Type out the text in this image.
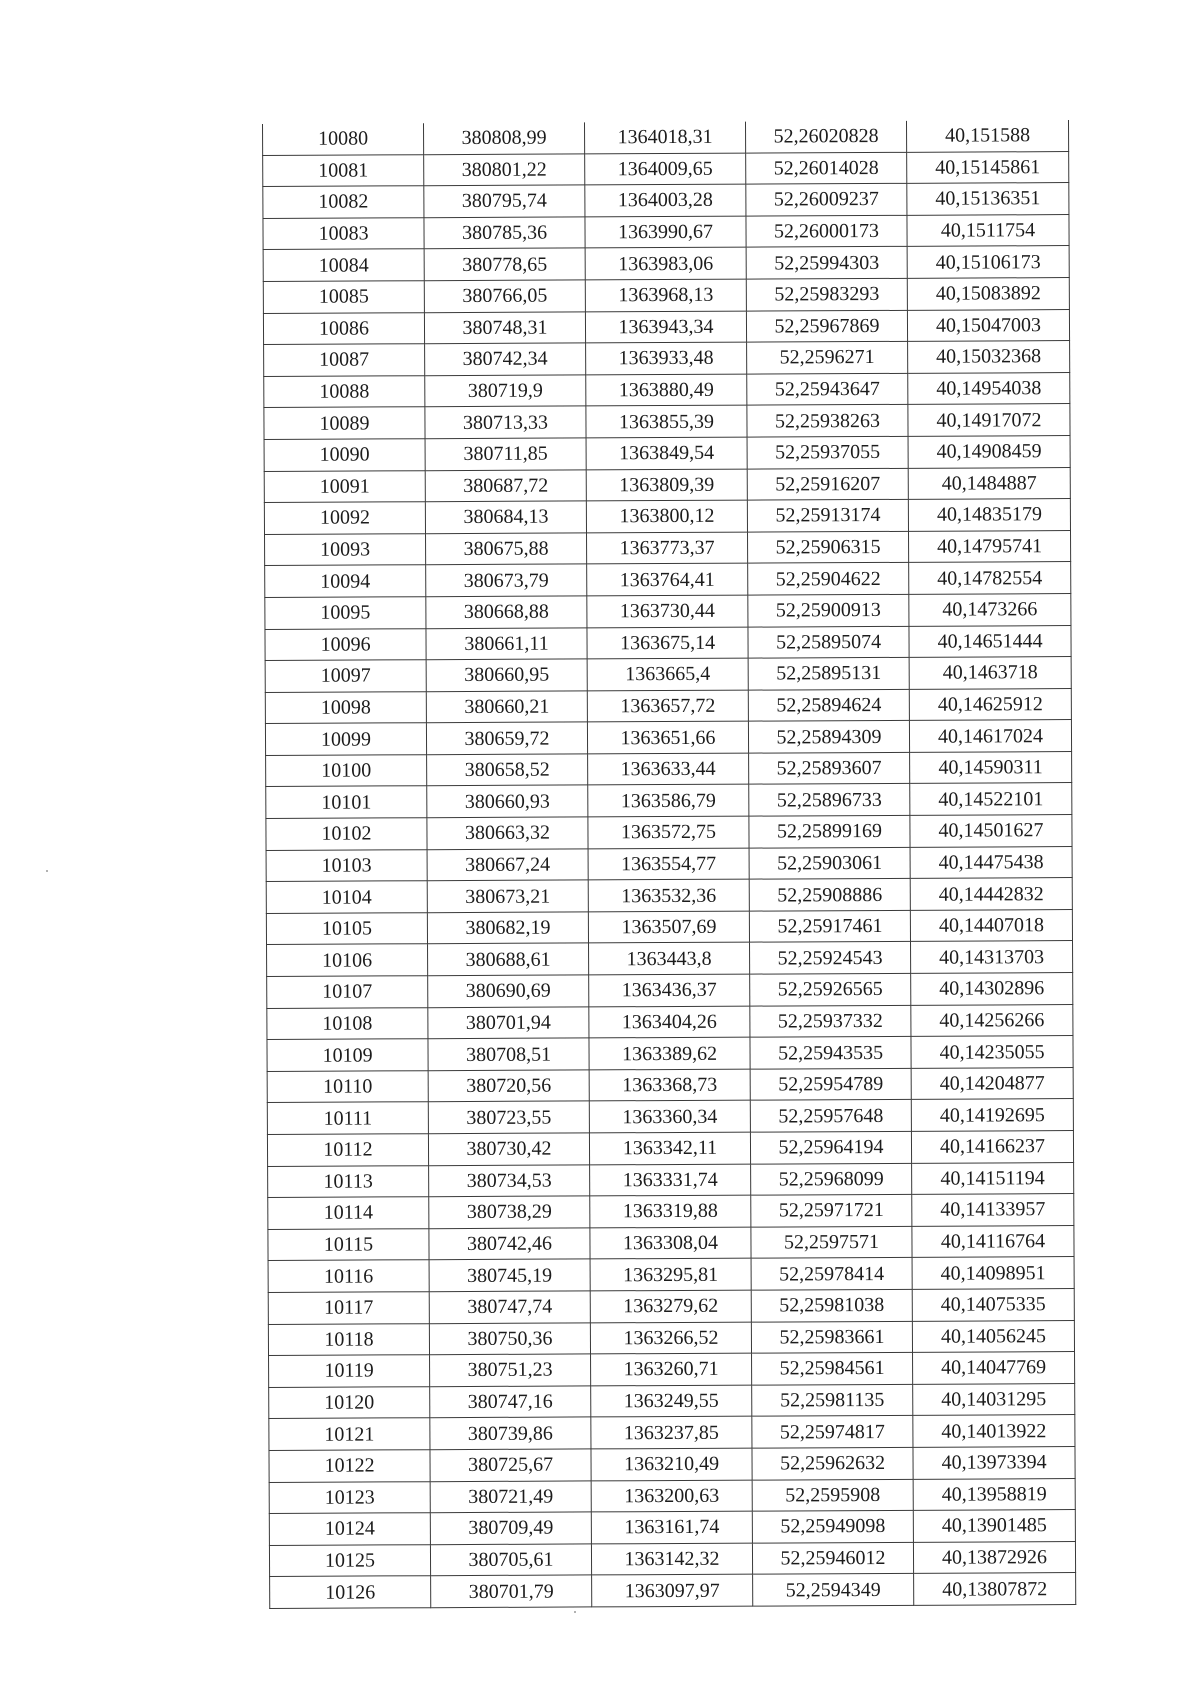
10080	380808,99	1364018,31	52,26020828	40,151588
10081	380801,22	1364009,65	52,26014028	40,15145861
10082	380795,74	1364003,28	52,26009237	40,15136351
10083	380785,36	1363990,67	52,26000173	40,1511754
10084	380778,65	1363983,06	52,25994303	40,15106173
10085	380766,05	1363968,13	52,25983293	40,15083892
10086	380748,31	1363943,34	52,25967869	40,15047003
10087	380742,34	1363933,48	52,2596271	40,15032368
10088	380719,9	1363880,49	52,25943647	40,14954038
10089	380713,33	1363855,39	52,25938263	40,14917072
10090	380711,85	1363849,54	52,25937055	40,14908459
10091	380687,72	1363809,39	52,25916207	40,1484887
10092	380684,13	1363800,12	52,25913174	40,14835179
10093	380675,88	1363773,37	52,25906315	40,14795741
10094	380673,79	1363764,41	52,25904622	40,14782554
10095	380668,88	1363730,44	52,25900913	40,1473266
10096	380661,11	1363675,14	52,25895074	40,14651444
10097	380660,95	1363665,4	52,25895131	40,1463718
10098	380660,21	1363657,72	52,25894624	40,14625912
10099	380659,72	1363651,66	52,25894309	40,14617024
10100	380658,52	1363633,44	52,25893607	40,14590311
10101	380660,93	1363586,79	52,25896733	40,14522101
10102	380663,32	1363572,75	52,25899169	40,14501627
10103	380667,24	1363554,77	52,25903061	40,14475438
10104	380673,21	1363532,36	52,25908886	40,14442832
10105	380682,19	1363507,69	52,25917461	40,14407018
10106	380688,61	1363443,8	52,25924543	40,14313703
10107	380690,69	1363436,37	52,25926565	40,14302896
10108	380701,94	1363404,26	52,25937332	40,14256266
10109	380708,51	1363389,62	52,25943535	40,14235055
10110	380720,56	1363368,73	52,25954789	40,14204877
10111	380723,55	1363360,34	52,25957648	40,14192695
10112	380730,42	1363342,11	52,25964194	40,14166237
10113	380734,53	1363331,74	52,25968099	40,14151194
10114	380738,29	1363319,88	52,25971721	40,14133957
10115	380742,46	1363308,04	52,2597571	40,14116764
10116	380745,19	1363295,81	52,25978414	40,14098951
10117	380747,74	1363279,62	52,25981038	40,14075335
10118	380750,36	1363266,52	52,25983661	40,14056245
10119	380751,23	1363260,71	52,25984561	40,14047769
10120	380747,16	1363249,55	52,25981135	40,14031295
10121	380739,86	1363237,85	52,25974817	40,14013922
10122	380725,67	1363210,49	52,25962632	40,13973394
10123	380721,49	1363200,63	52,2595908	40,13958819
10124	380709,49	1363161,74	52,25949098	40,13901485
10125	380705,61	1363142,32	52,25946012	40,13872926
10126	380701,79	1363097,97	52,2594349	40,13807872
